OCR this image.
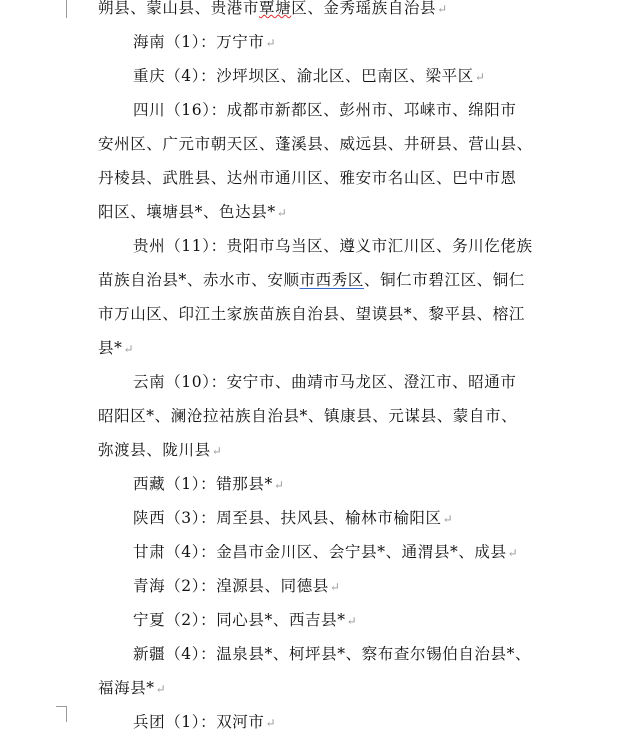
朔县、蒙山县、贵港市覃塘区、金秀瑶族自治县↵
海南（1）：万宁市↵
重庆（4）：沙坪坝区、渝北区、巴南区、梁平区↵
四川（16）：成都市新都区、彭州市、邛崃市、绵阳市
安州区、广元市朝天区、蓬溪县、威远县、井研县、营山县、
丹棱县、武胜县、达州市通川区、雅安市名山区、巴中市恩
阳区、壤塘县*、色达县*↵
贵州（11）：贵阳市乌当区、遵义市汇川区、务川仡佬族
苗族自治县*、赤水市、安顺市西秀区、铜仁市碧江区、铜仁
市万山区、印江土家族苗族自治县、望谟县*、黎平县、榕江
县*↵
云南（10）：安宁市、曲靖市马龙区、澄江市、昭通市
昭阳区*、澜沧拉祜族自治县*、镇康县、元谋县、蒙自市、
弥渡县、陇川县↵
西藏（1）：错那县*↵
陕西（3）：周至县、扶风县、榆林市榆阳区↵
甘肃（4）：金昌市金川区、会宁县*、通渭县*、成县↵
青海（2）：湟源县、同德县↵
宁夏（2）：同心县*、西吉县*↵
新疆（4）：温泉县*、柯坪县*、察布查尔锡伯自治县*、
福海县*↵
兵团（1）：双河市↵
